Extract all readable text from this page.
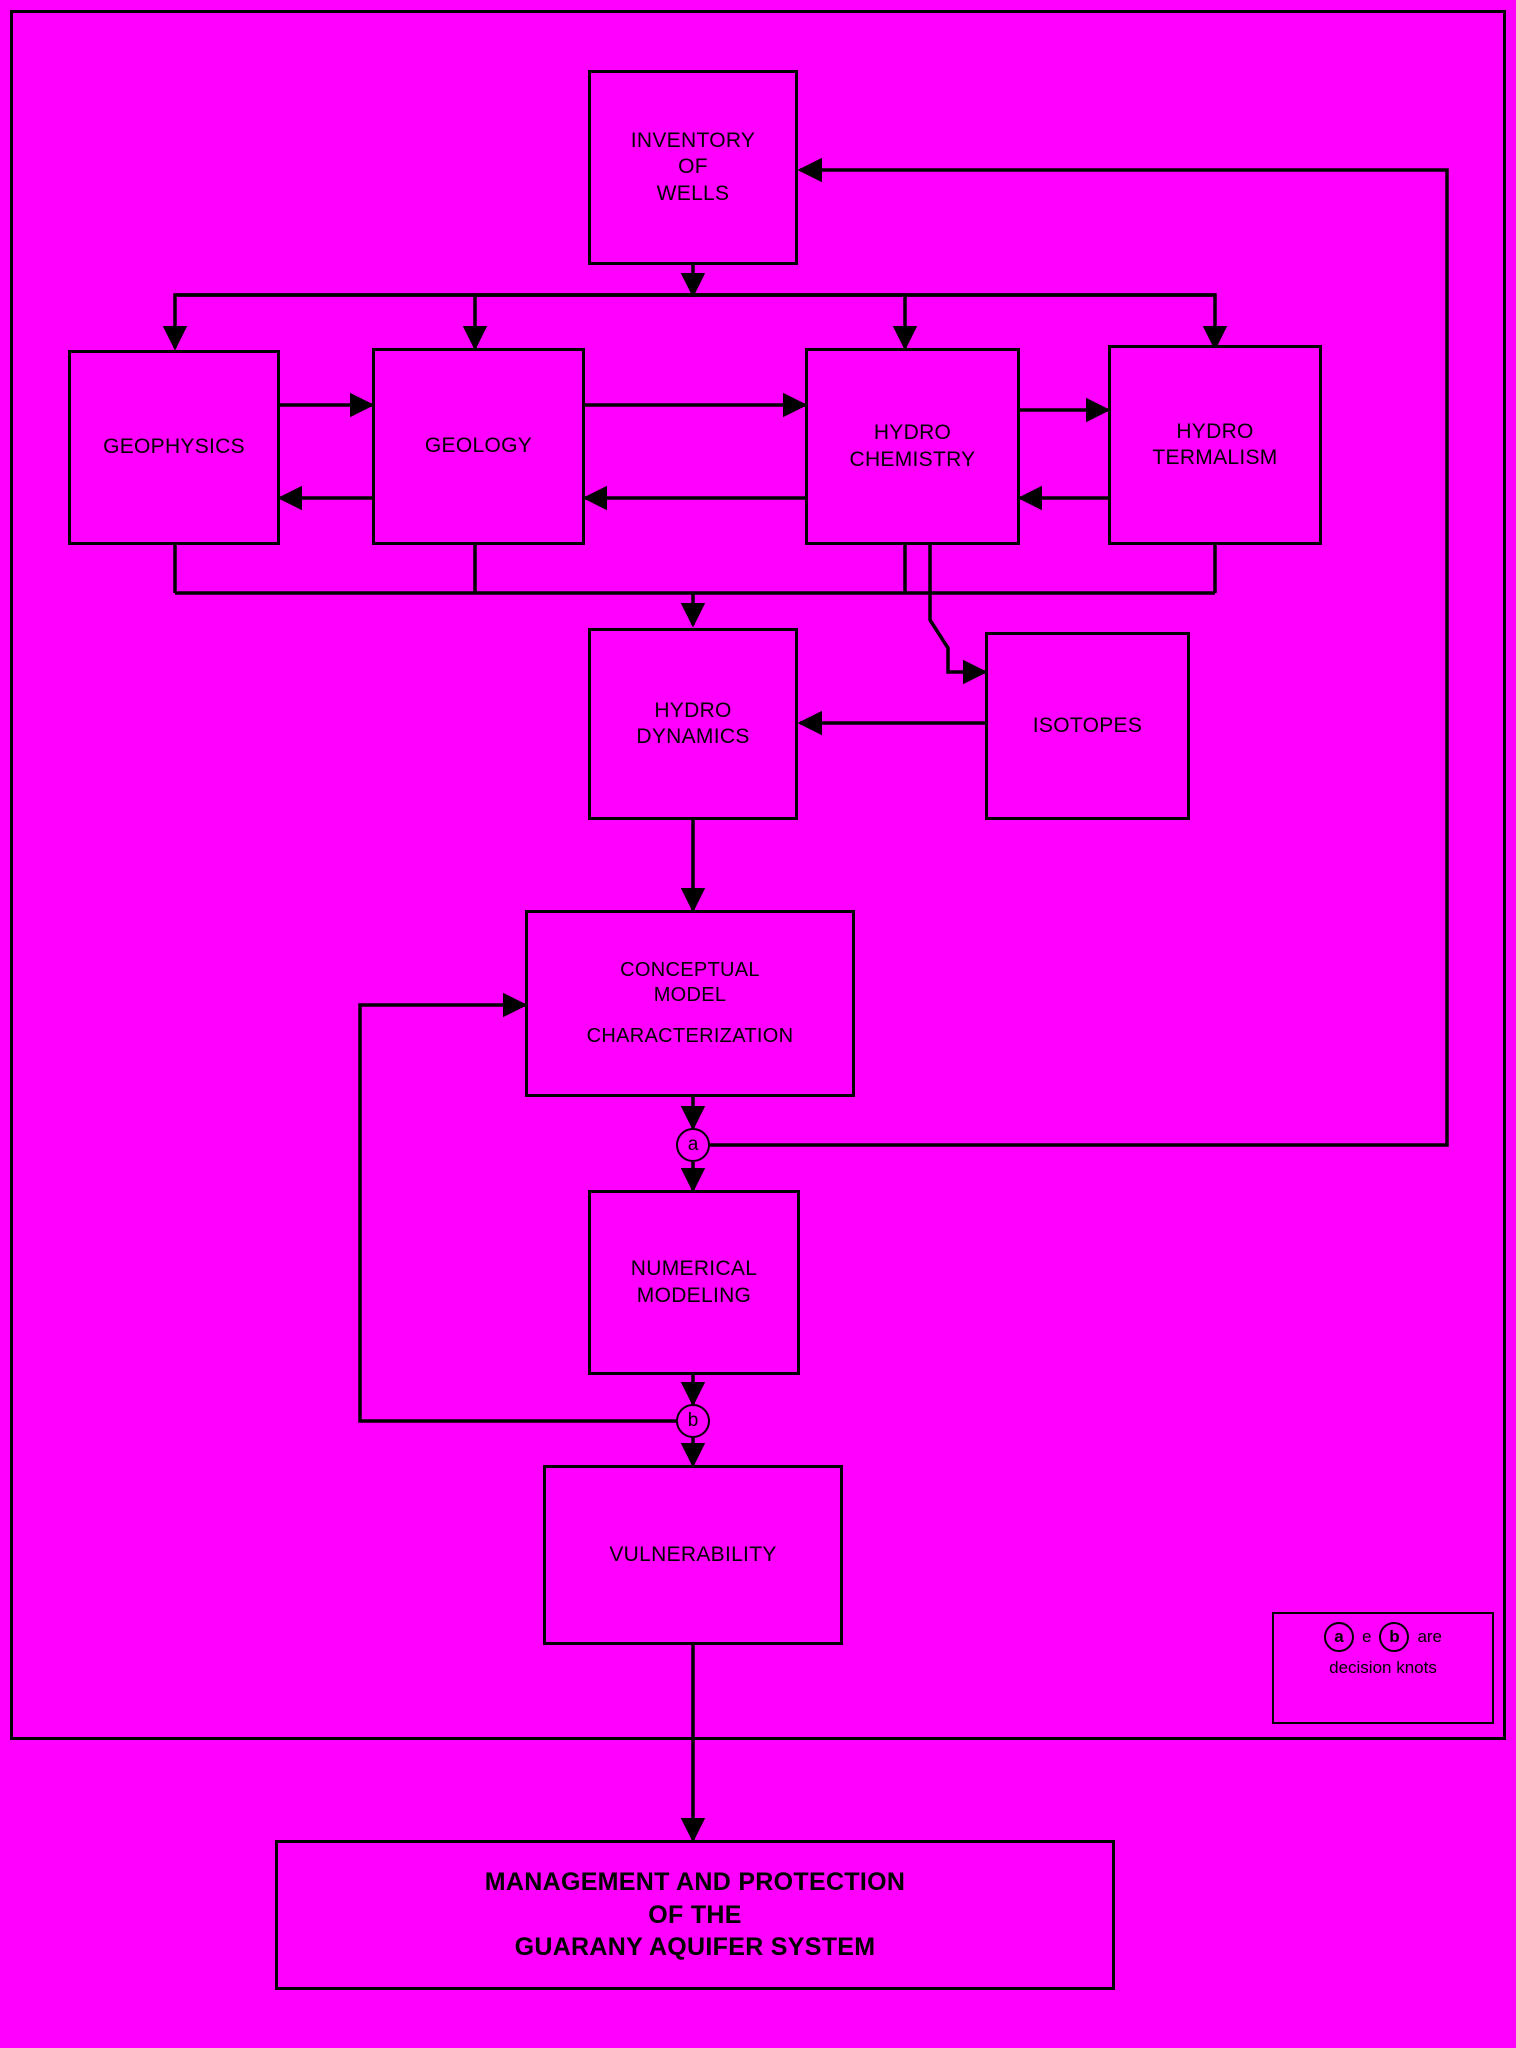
INVENTORY
OF
WELLS
GEOPHYSICS	GEOLOGY
HYDRO
CHEMISTRY
HYDRO
TERMALISM
HYDRO
DYNAMICS	ISOTOPES
CONCEPTUAL
MODEL
CHARACTERIZATION
NUMERICAL
MODELING
VULNERABILITY
MANAGEMENT AND PROTECTION
OF THE
GUARANY AQUIFER SYSTEM
a
b
a e b are
decision knots
